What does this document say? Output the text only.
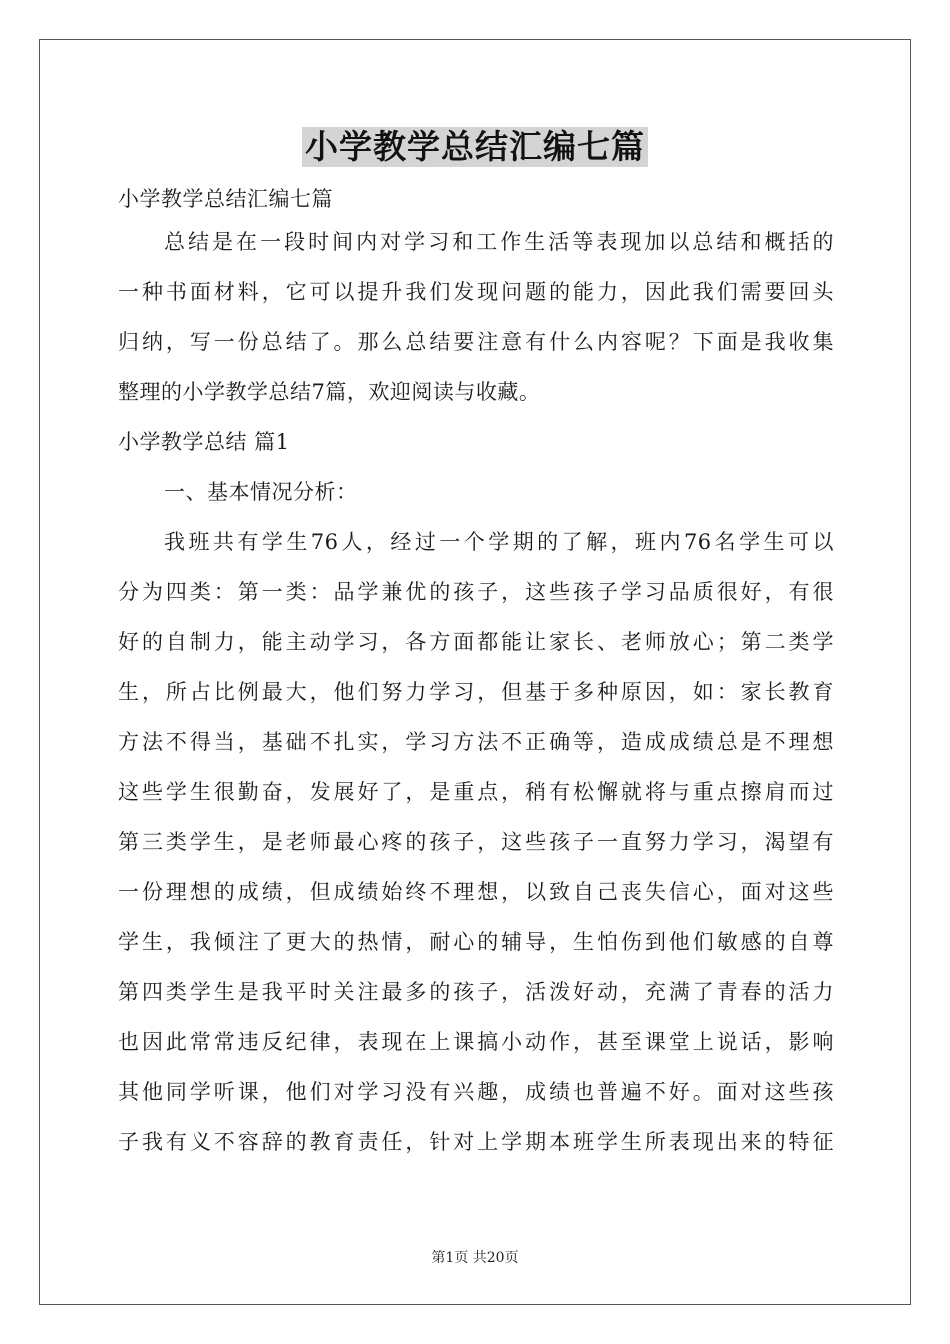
小学教学总结汇编七篇
小学教学总结汇编七篇
总结是在一段时间内对学习和工作生活等表现加以总结和概括的
一种书面材料，它可以提升我们发现问题的能力，因此我们需要回头
归纳，写一份总结了。那么总结要注意有什么内容呢？下面是我收集
整理的小学教学总结7篇，欢迎阅读与收藏。
小学教学总结 篇1
一、基本情况分析：
我班共有学生76人，经过一个学期的了解，班内76名学生可以
分为四类：第一类：品学兼优的孩子，这些孩子学习品质很好，有很
好的自制力，能主动学习，各方面都能让家长、老师放心；第二类学
生，所占比例最大，他们努力学习，但基于多种原因，如：家长教育
方法不得当，基础不扎实，学习方法不正确等，造成成绩总是不理想
这些学生很勤奋，发展好了，是重点，稍有松懈就将与重点擦肩而过
第三类学生，是老师最心疼的孩子，这些孩子一直努力学习，渴望有
一份理想的成绩，但成绩始终不理想，以致自己丧失信心，面对这些
学生，我倾注了更大的热情，耐心的辅导，生怕伤到他们敏感的自尊
第四类学生是我平时关注最多的孩子，活泼好动，充满了青春的活力
也因此常常违反纪律，表现在上课搞小动作，甚至课堂上说话，影响
其他同学听课，他们对学习没有兴趣，成绩也普遍不好。面对这些孩
子我有义不容辞的教育责任，针对上学期本班学生所表现出来的特征
第1页 共20页
